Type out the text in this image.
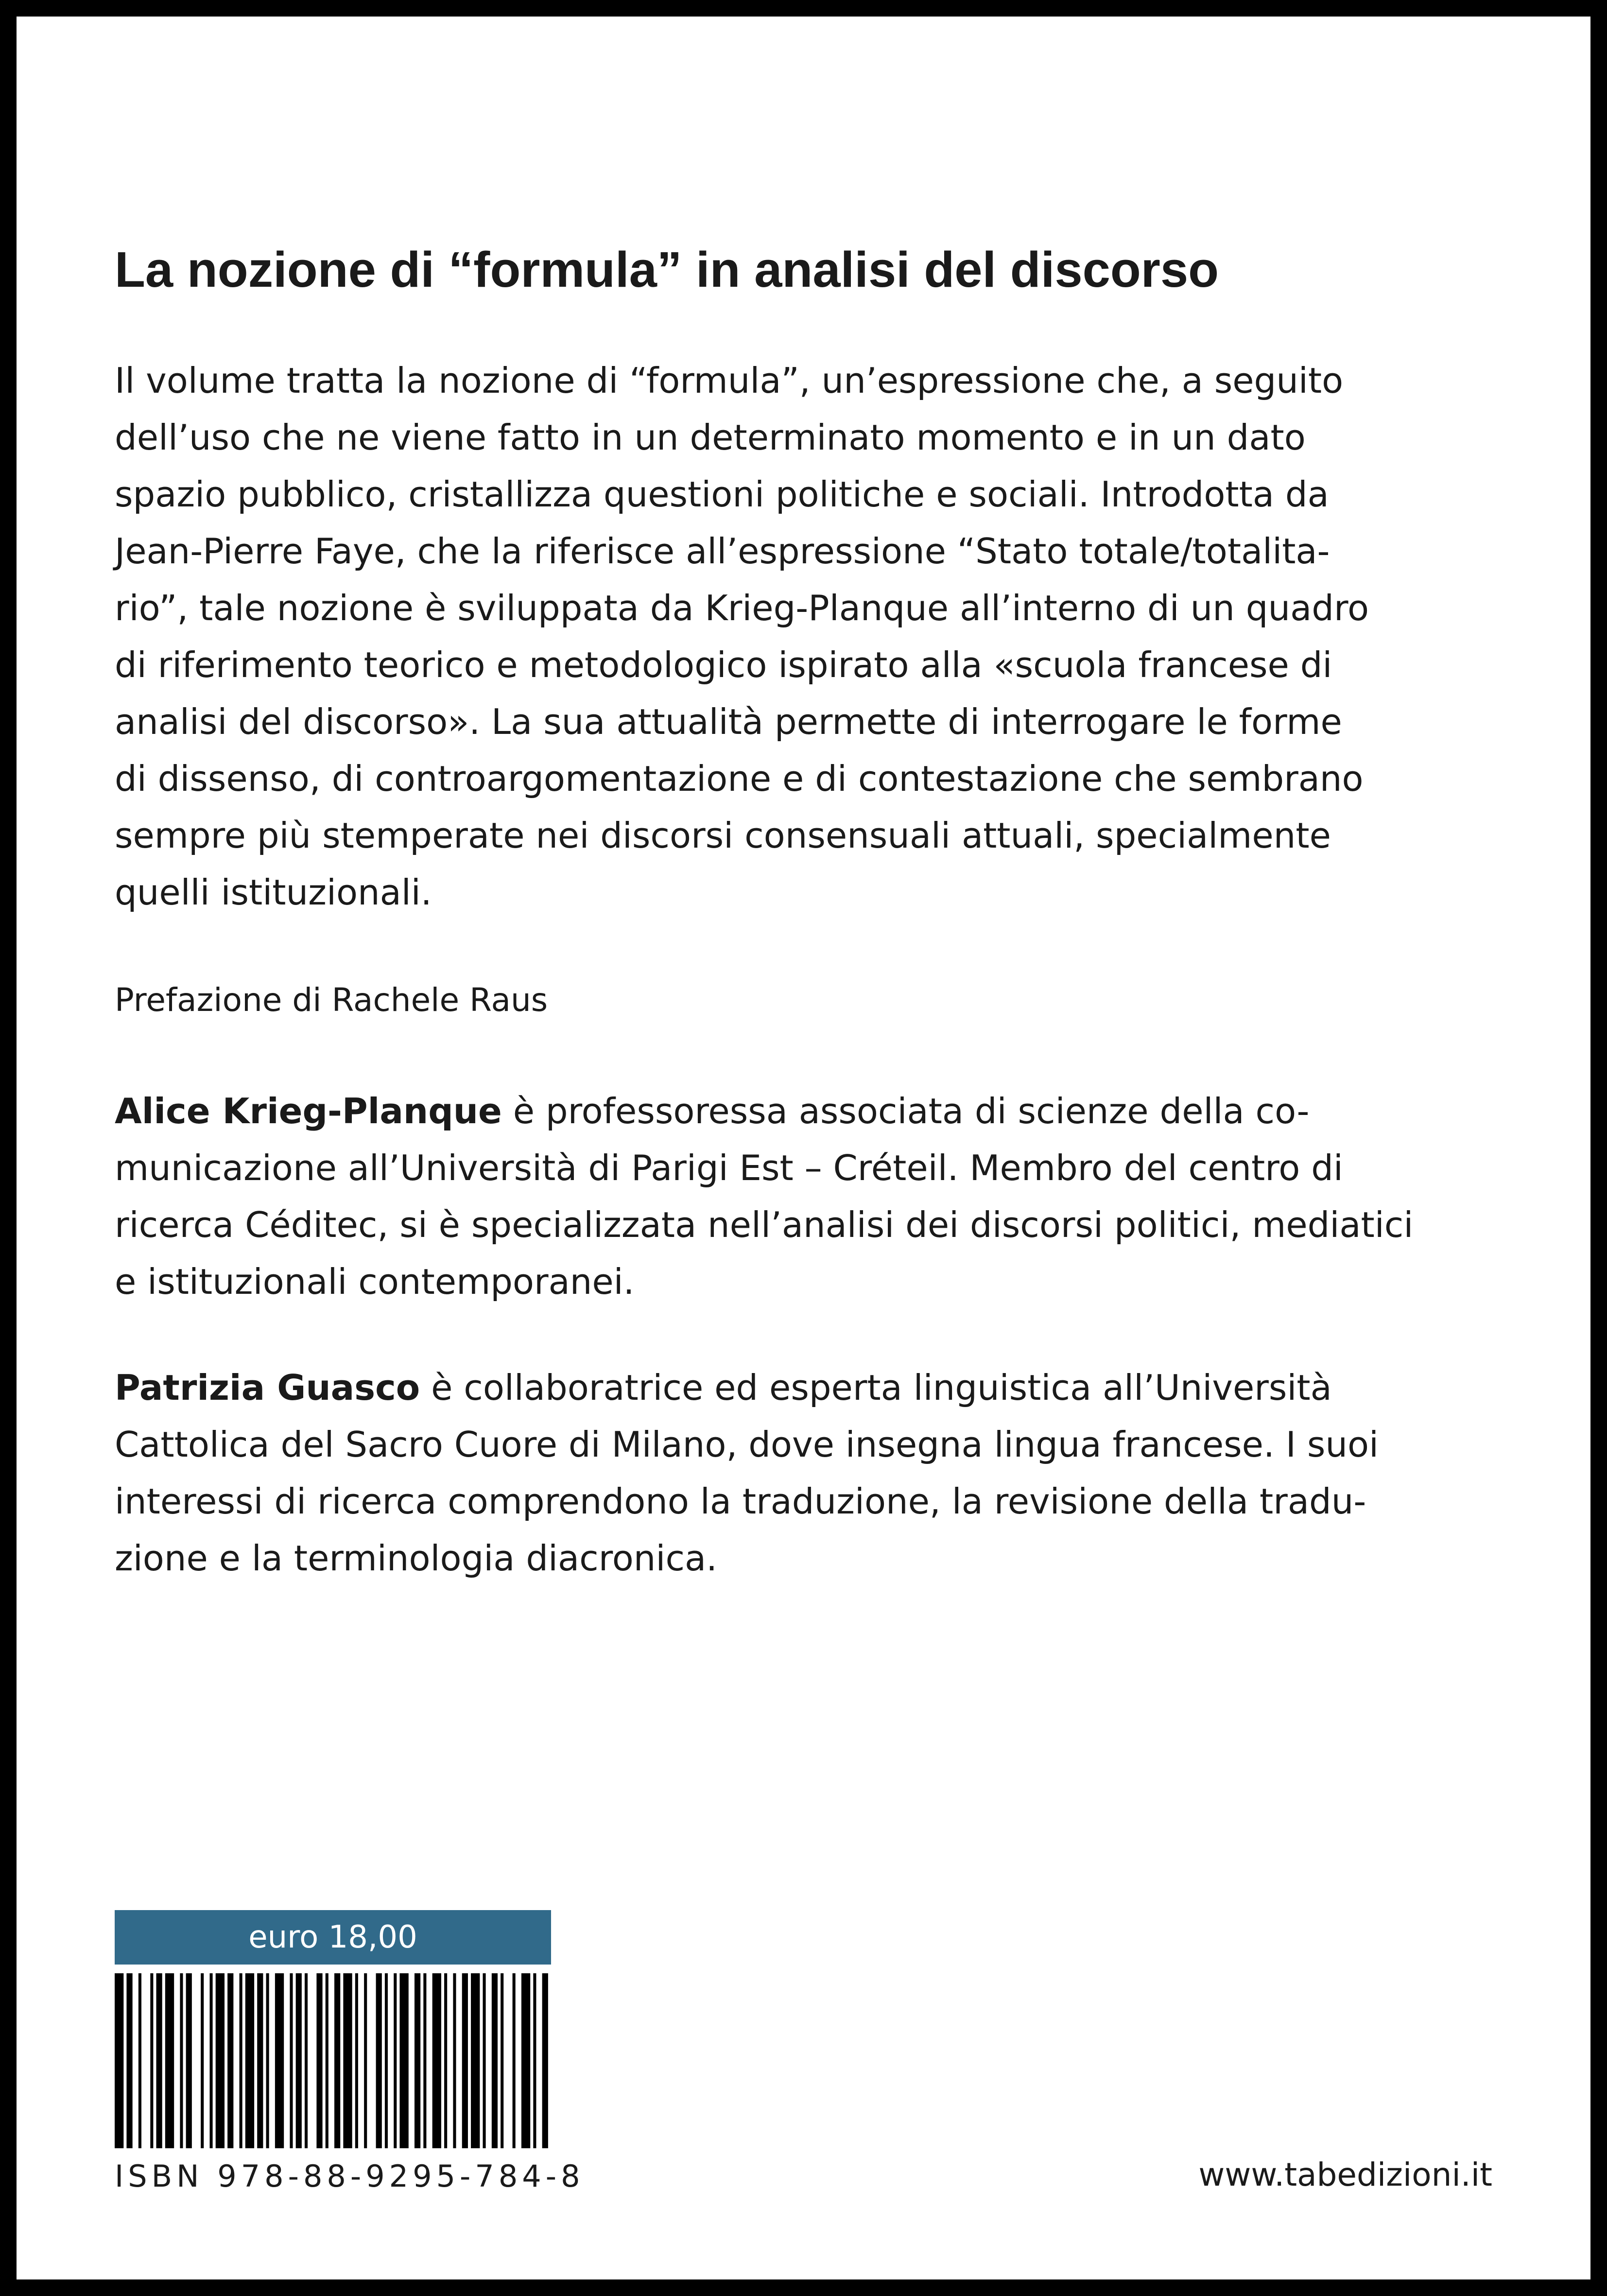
La nozione di “formula” in analisi del discorso
Il volume tratta la nozione di “formula”, un’espressione che, a seguito
dell’uso che ne viene fatto in un determinato momento e in un dato
spazio pubblico, cristallizza questioni politiche e sociali. Introdotta da
Jean-Pierre Faye, che la riferisce all’espressione “Stato totale/totalita-
rio”, tale nozione è sviluppata da Krieg-Planque all’interno di un quadro
di riferimento teorico e metodologico ispirato alla «scuola francese di
analisi del discorso». La sua attualità permette di interrogare le forme
di dissenso, di controargomentazione e di contestazione che sembrano
sempre più stemperate nei discorsi consensuali attuali, specialmente
quelli istituzionali.
Prefazione di Rachele Raus
Alice Krieg-Planque è professoressa associata di scienze della co-
municazione all’Università di Parigi Est – Créteil. Membro del centro di
ricerca Céditec, si è specializzata nell’analisi dei discorsi politici, mediatici
e istituzionali contemporanei.
Patrizia Guasco è collaboratrice ed esperta linguistica all’Università
Cattolica del Sacro Cuore di Milano, dove insegna lingua francese. I suoi
interessi di ricerca comprendono la traduzione, la revisione della tradu-
zione e la terminologia diacronica.
euro 18,00
ISBN 978-88-9295-784-8	www.tabedizioni.it
